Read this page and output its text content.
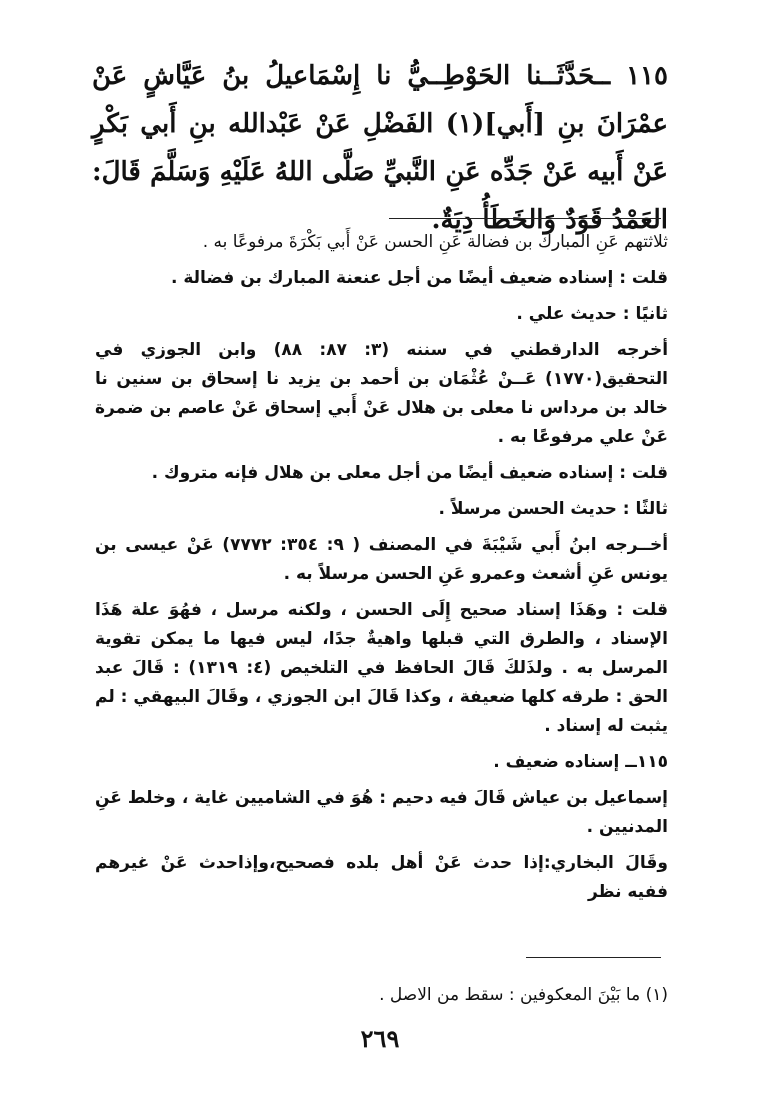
١١٥ ــحَدَّثَــنا الحَوْطِــيُّ نا إِسْمَاعيلُ بنُ عَيَّاشٍ عَنْ عمْرَانَ بنِ [أَبي](١) الفَضْلِ عَنْ عَبْدالله بنِ أَبي بَكْرٍ عَنْ أَبيه عَنْ جَدِّه عَنِ النَّبيِّ صَلَّى اللهُ عَلَيْهِ وَسَلَّمَ قَالَ: العَمْدُ قَوَدٌ وَالخَطَأُ دِيَةٌ.

ثلاثتهم عَنِ المبارك بن فضالة عَنِ الحسن عَنْ أَبي بَكْرَةَ مرفوعًا به .

قلت : إسناده ضعيف أيضًا من أجل عنعنة المبارك بن فضالة .

ثانيًا : حديث علي .

أخرجه الدارقطني في سننه (٣: ٨٧: ٨٨) وابن الجوزي في التحقيق(١٧٧٠) عَــنْ عُثْمَان بن أحمد بن يزيد نا إسحاق بن سنين نا خالد بن مرداس نا معلى بن هلال عَنْ أَبي إسحاق عَنْ عاصم بن ضمرة عَنْ علي مرفوعًا به .

قلت : إسناده ضعيف أيضًا من أجل معلى بن هلال فإنه متروك .

ثالثًا : حديث الحسن مرسلاً .

أخــرجه ابنُ أَبي شَيْبَةَ في المصنف ( ٩: ٣٥٤: ٧٧٧٢) عَنْ عيسى بن يونس عَنِ أشعث وعمرو عَنِ الحسن مرسلاً به .

قلت : وهَذَا إسناد صحيح إِلَى الحسن ، ولكنه مرسل ، فهُوَ علة هَذَا الإسناد ، والطرق التي قبلها واهيةٌ جدًا، ليس فيها ما يمكن تقوية المرسل به . ولذَلكَ قَالَ الحافظ في التلخيص (٤: ١٣١٩) : قَالَ عبد الحق : طرقه كلها ضعيفة ، وكذا قَالَ ابن الجوزي ، وقَالَ البيهقي : لم يثبت له إسناد .

١١٥ــ إسناده ضعيف .

إسماعيل بن عياش قَالَ فيه دحيم : هُوَ في الشاميين غاية ، وخلط عَنِ المدنيين .

وقَالَ البخاري:إذا حدث عَنْ أهل بلده فصحيح،وإذاحدث عَنْ غيرهم ففيه نظر

(١) ما بَيْنَ المعكوفين : سقط من الاصل .
٢٦٩
